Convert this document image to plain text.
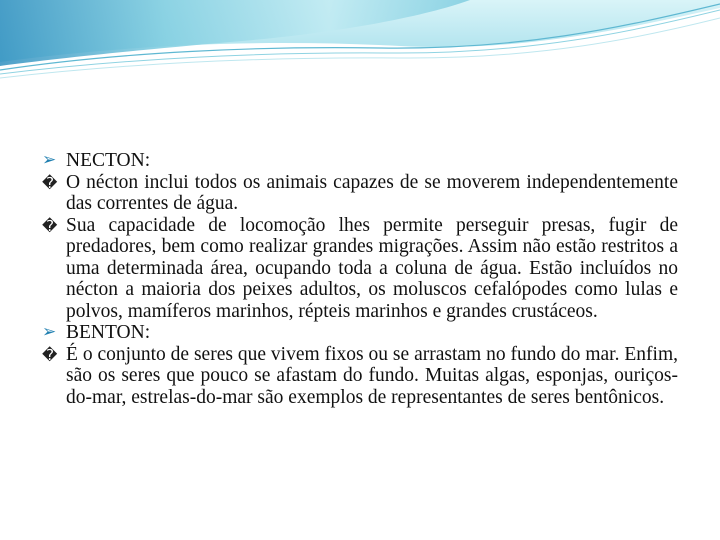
➢ NECTON:

� O nécton inclui todos os animais capazes de se moverem independentemente das correntes de água.

� Sua capacidade de locomoção lhes permite perseguir presas, fugir de predadores, bem como realizar grandes migrações. Assim não estão restritos a uma determinada área, ocupando toda a coluna de água. Estão incluídos no nécton a maioria dos peixes adultos, os moluscos cefalópodes como lulas e polvos, mamíferos marinhos, répteis marinhos e grandes crustáceos.

➢ BENTON:

� É o conjunto de seres que vivem fixos ou se arrastam no fundo do mar. Enfim, são os seres que pouco se afastam do fundo. Muitas algas, esponjas, ouriços-do-mar, estrelas-do-mar são exemplos de representantes de seres bentônicos.
